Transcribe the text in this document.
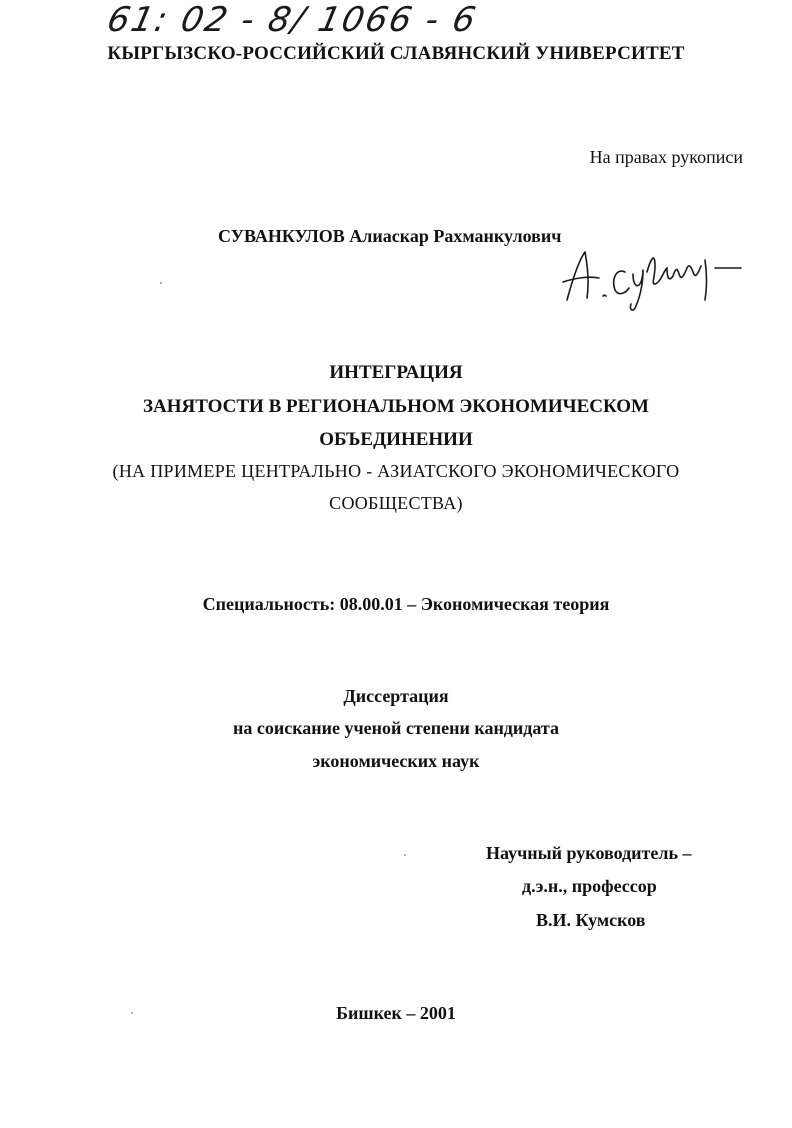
61: 02 - 8/ 1066 - 6
КЫРГЫЗСКО-РОССИЙСКИЙ СЛАВЯНСКИЙ УНИВЕРСИТЕТ
На правах рукописи
СУВАНКУЛОВ Алиаскар Рахманкулович
ИНТЕГРАЦИЯ
ЗАНЯТОСТИ В РЕГИОНАЛЬНОМ ЭКОНОМИЧЕСКОМ
ОБЪЕДИНЕНИИ
(НА ПРИМЕРЕ ЦЕНТРАЛЬНО - АЗИАТСКОГО ЭКОНОМИЧЕСКОГО
СООБЩЕСТВА)
Специальность: 08.00.01 – Экономическая теория
Диссертация
на соискание ученой степени кандидата
экономических наук
Научный руководитель –
д.э.н., профессор
В.И. Кумсков
Бишкек – 2001
